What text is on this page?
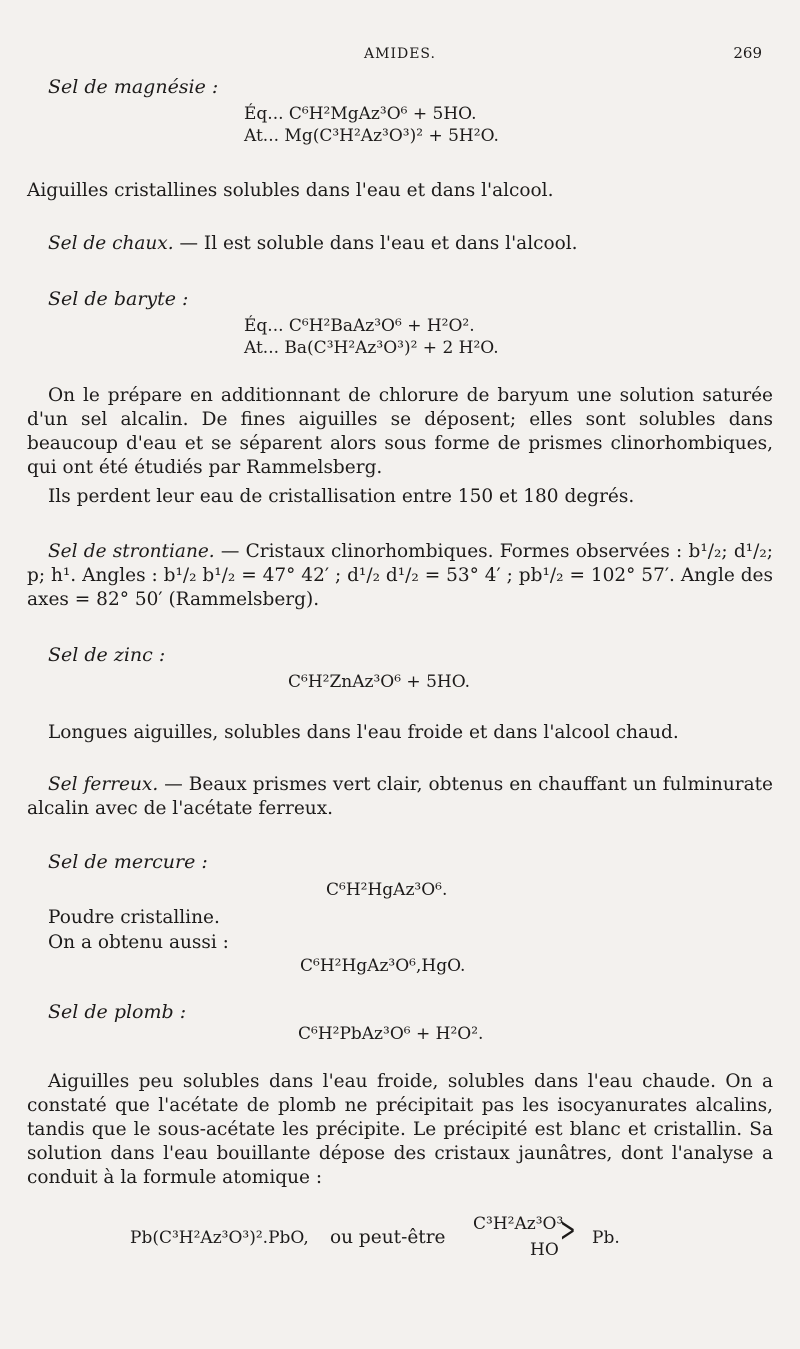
AMIDES.	269
Sel de magnésie :
Éq... C⁶H²MgAz³O⁶ + 5HO.
At... Mg(C³H²Az³O³)² + 5H²O.
Aiguilles cristallines solubles dans l'eau et dans l'alcool.
Sel de chaux. — Il est soluble dans l'eau et dans l'alcool.
Sel de baryte :
Éq... C⁶H²BaAz³O⁶ + H²O².
At... Ba(C³H²Az³O³)² + 2 H²O.
On le prépare en additionnant de chlorure de baryum une solution saturée d'un sel alcalin. De fines aiguilles se déposent; elles sont solubles dans beaucoup d'eau et se séparent alors sous forme de prismes clinorhombiques, qui ont été étudiés par Rammelsberg.
Ils perdent leur eau de cristallisation entre 150 et 180 degrés.
Sel de strontiane. — Cristaux clinorhombiques. Formes observées : b¹/₂; d¹/₂; p; h¹. Angles : b¹/₂ b¹/₂ = 47° 42′ ; d¹/₂ d¹/₂ = 53° 4′ ; pb¹/₂ = 102° 57′. Angle des axes = 82° 50′ (Rammelsberg).
Sel de zinc :
C⁶H²ZnAz³O⁶ + 5HO.
Longues aiguilles, solubles dans l'eau froide et dans l'alcool chaud.
Sel ferreux. — Beaux prismes vert clair, obtenus en chauffant un fulminurate alcalin avec de l'acétate ferreux.
Sel de mercure :
C⁶H²HgAz³O⁶.
Poudre cristalline.
On a obtenu aussi :
C⁶H²HgAz³O⁶,HgO.
Sel de plomb :
C⁶H²PbAz³O⁶ + H²O².
Aiguilles peu solubles dans l'eau froide, solubles dans l'eau chaude. On a constaté que l'acétate de plomb ne précipitait pas les isocyanurates alcalins, tandis que le sous-acétate les précipite. Le précipité est blanc et cristallin. Sa solution dans l'eau bouillante dépose des cristaux jaunâtres, dont l'analyse a conduit à la formule atomique :
Pb(C³H²Az³O³)².PbO, ou peut-être
C³H²Az³O³
HO > Pb.
